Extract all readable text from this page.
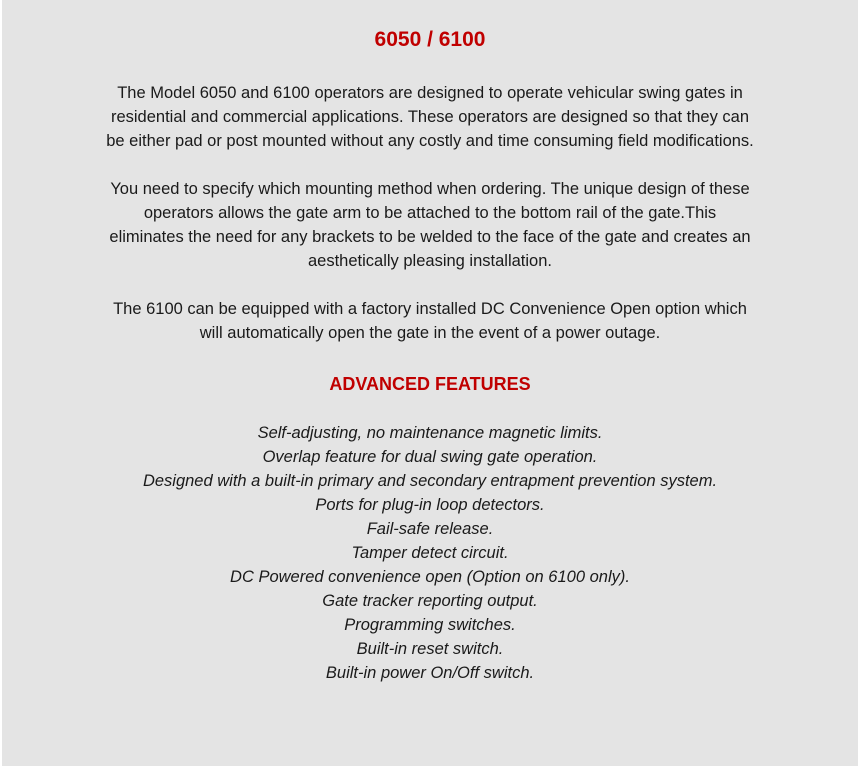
6050 / 6100
The Model 6050 and 6100 operators are designed to operate vehicular swing gates in
residential and commercial applications. These operators are designed so that they can
be either pad or post mounted without any costly and time consuming field modifications.
You need to specify which mounting method when ordering. The unique design of these
operators allows the gate arm to be attached to the bottom rail of the gate.This
eliminates the need for any brackets to be welded to the face of the gate and creates an
aesthetically pleasing installation.
The 6100 can be equipped with a factory installed DC Convenience Open option which
will automatically open the gate in the event of a power outage.
ADVANCED FEATURES
Self-adjusting, no maintenance magnetic limits.
Overlap feature for dual swing gate operation.
Designed with a built-in primary and secondary entrapment prevention system.
Ports for plug-in loop detectors.
Fail-safe release.
Tamper detect circuit.
DC Powered convenience open (Option on 6100 only).
Gate tracker reporting output.
Programming switches.
Built-in reset switch.
Built-in power On/Off switch.
